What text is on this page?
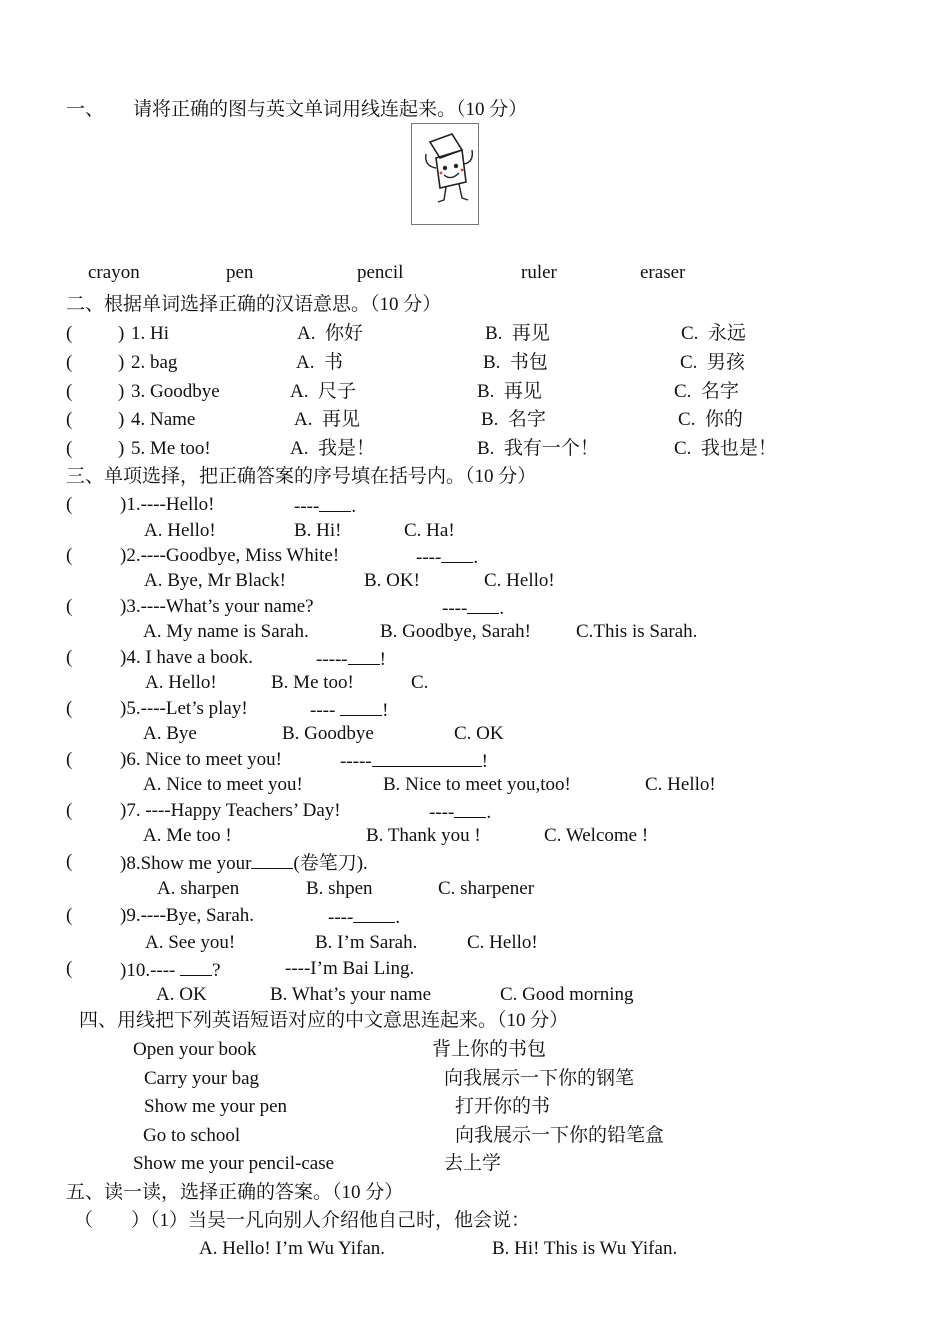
一、 请将正确的图与英文单词用线连起来。（10 分）
crayon	pen	pencil	ruler	eraser
二、根据单词选择正确的汉语意思。（10 分）
( ) 1. Hi	A.  你好	B.  再见	C.  永远
( ) 2. bag	A.  书	B.  书包	C.  男孩
( ) 3. Goodbye	A.  尺子	B.  再见	C.  名字
( ) 4. Name	A.  再见	B.  名字	C.  你的
( ) 5. Me too!	A.  我是！	B.  我有一个！	C.  我也是！
三、单项选择，把正确答案的序号填在括号内。（10 分）
(	)1.----Hello!	---- .
A. Hello!	B. Hi!	C. Ha!
(	)2.----Goodbye, Miss White!	---- .
A. Bye, Mr Black!	B. OK!	C. Hello!
(	)3.----What’s your name?	---- .
A. My name is Sarah.	B. Goodbye, Sarah! C.This is Sarah.
(	)4. I have a book.	----- !
A. Hello!	B. Me too!	C.
(	)5.----Let’s play!	---- !
A. Bye	B. Goodbye	C. OK
(	)6. Nice to meet you!	-----	!
A. Nice to meet you!	B. Nice to meet you,too!	C. Hello!
(	)7. ----Happy Teachers’ Day!	---- .
A. Me too !	B. Thank you !	C. Welcome !
(	)8.Show me your (卷笔刀).
A. sharpen	B. shpen	C. sharpener
(	)9.----Bye, Sarah.	---- .
A. See you!	B. I’m Sarah.	C. Hello!
(	)10.---- ?	----I’m Bai Ling.
A. OK	B. What’s your name	C. Good morning
四、用线把下列英语短语对应的中文意思连起来。（10 分）
Open your book
Carry your bag
Show me your pen
Go to school
Show me your pencil-case
背上你的书包
向我展示一下你的钢笔
打开你的书
向我展示一下你的铅笔盒
去上学
五、读一读，选择正确的答案。（10 分）
（        ）（1）当吴一凡向别人介绍他自己时，他会说：
A. Hello! I’m Wu Yifan.	B. Hi! This is Wu Yifan.
